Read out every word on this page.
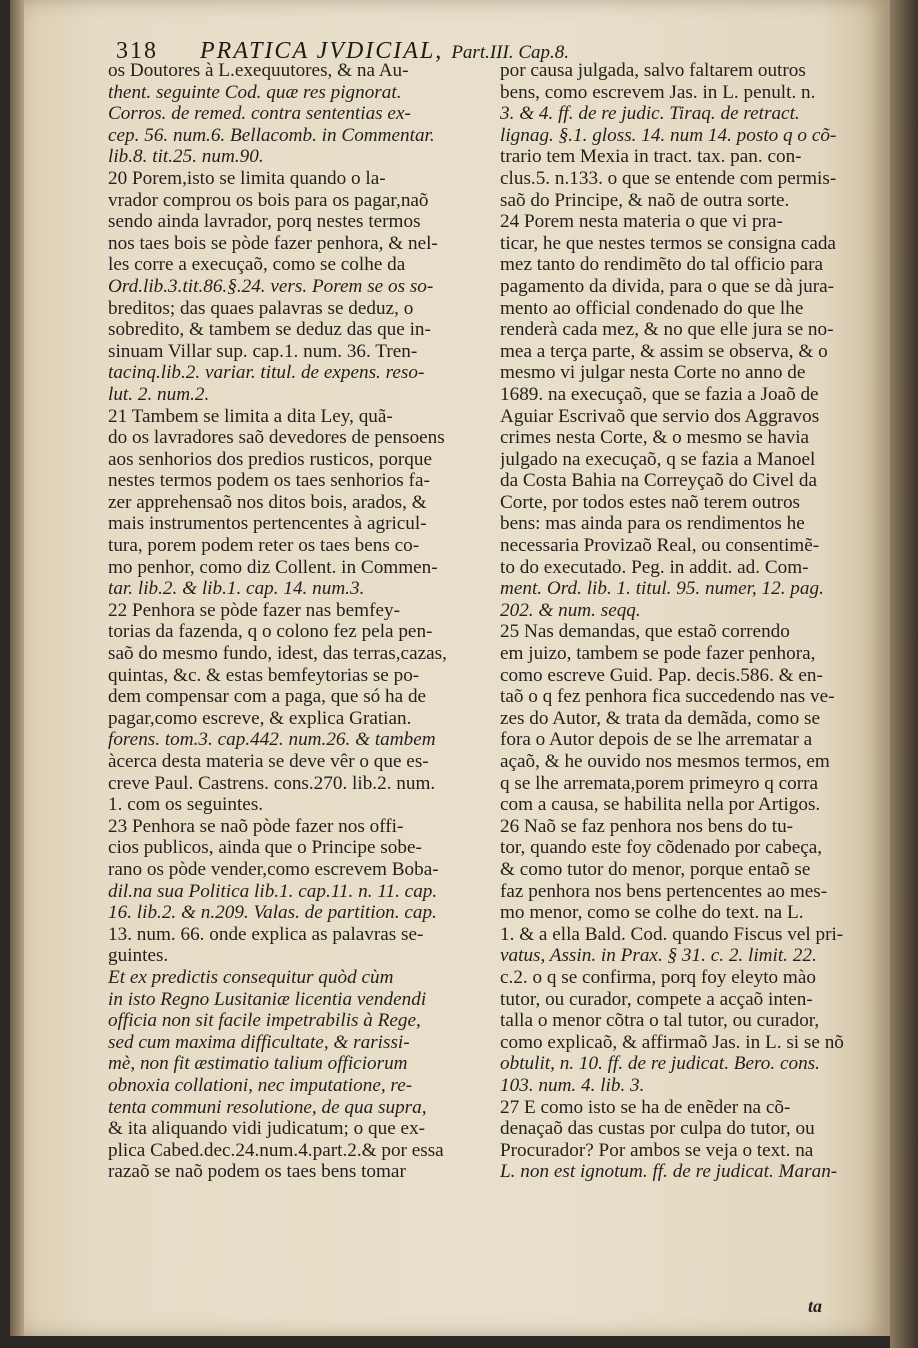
318 PRATICA JVDICIAL, Part.III. Cap.8.
os Doutores à L.exequutores, & na Au-
thent. seguinte Cod. quæ res pignorat.
Corros. de remed. contra sententias ex-
cep. 56. num.6. Bellacomb. in Commentar.
lib.8. tit.25. num.90.
20 Porem,isto se limita quando o la-
vrador comprou os bois para os pagar,naõ
sendo ainda lavrador, porq nestes termos
nos taes bois se pòde fazer penhora, & nel-
les corre a execuçaõ, como se colhe da
Ord.lib.3.tit.86.§.24. vers. Porem se os so-
breditos; das quaes palavras se deduz, o
sobredito, & tambem se deduz das que in-
sinuam Villar sup. cap.1. num. 36. Tren-
tacinq.lib.2. variar. titul. de expens. reso-
lut. 2. num.2.
21 Tambem se limita a dita Ley, quã-
do os lavradores saõ devedores de pensoens
aos senhorios dos predios rusticos, porque
nestes termos podem os taes senhorios fa-
zer apprehensaõ nos ditos bois, arados, &
mais instrumentos pertencentes à agricul-
tura, porem podem reter os taes bens co-
mo penhor, como diz Collent. in Commen-
tar. lib.2. & lib.1. cap. 14. num.3.
22 Penhora se pòde fazer nas bemfey-
torias da fazenda, q o colono fez pela pen-
saõ do mesmo fundo, idest, das terras,cazas,
quintas, &c. & estas bemfeytorias se po-
dem compensar com a paga, que só ha de
pagar,como escreve, & explica Gratian.
forens. tom.3. cap.442. num.26. & tambem
àcerca desta materia se deve vêr o que es-
creve Paul. Castrens. cons.270. lib.2. num.
1. com os seguintes.
23 Penhora se naõ pòde fazer nos offi-
cios publicos, ainda que o Principe sobe-
rano os pòde vender,como escrevem Boba-
dil.na sua Politica lib.1. cap.11. n. 11. cap.
16. lib.2. & n.209. Valas. de partition. cap.
13. num. 66. onde explica as palavras se-
guintes.
Et ex predictis consequitur quòd cùm
in isto Regno Lusitaniæ licentia vendendi
officia non sit facile impetrabilis à Rege,
sed cum maxima difficultate, & rarissi-
mè, non fit æstimatio talium officiorum
obnoxia collationi, nec imputatione, re-
tenta communi resolutione, de qua supra,
& ita aliquando vidi judicatum; o que ex-
plica Cabed.dec.24.num.4.part.2.& por essa
razaõ se naõ podem os taes bens tomar
por causa julgada, salvo faltarem outros
bens, como escrevem Jas. in L. penult. n.
3. & 4. ff. de re judic. Tiraq. de retract.
lignag. §.1. gloss. 14. num 14. posto q o cõ-
trario tem Mexia in tract. tax. pan. con-
clus.5. n.133. o que se entende com permis-
saõ do Principe, & naõ de outra sorte.
24 Porem nesta materia o que vi pra-
ticar, he que nestes termos se consigna cada
mez tanto do rendimẽto do tal officio para
pagamento da divida, para o que se dà jura-
mento ao official condenado do que lhe
renderà cada mez, & no que elle jura se no-
mea a terça parte, & assim se observa, & o
mesmo vi julgar nesta Corte no anno de
1689. na execuçaõ, que se fazia a Joaõ de
Aguiar Escrivaõ que servio dos Aggravos
crimes nesta Corte, & o mesmo se havia
julgado na execuçaõ, q se fazia a Manoel
da Costa Bahia na Correyçaõ do Civel da
Corte, por todos estes naõ terem outros
bens: mas ainda para os rendimentos he
necessaria Provizaõ Real, ou consentimẽ-
to do executado. Peg. in addit. ad. Com-
ment. Ord. lib. 1. titul. 95. numer, 12. pag.
202. & num. seqq.
25 Nas demandas, que estaõ correndo
em juizo, tambem se pode fazer penhora,
como escreve Guid. Pap. decis.586. & en-
taõ o q fez penhora fica succedendo nas ve-
zes do Autor, & trata da demãda, como se
fora o Autor depois de se lhe arrematar a
açaõ, & he ouvido nos mesmos termos, em
q se lhe arremata,porem primeyro q corra
com a causa, se habilita nella por Artigos.
26 Naõ se faz penhora nos bens do tu-
tor, quando este foy cõdenado por cabeça,
& como tutor do menor, porque entaõ se
faz penhora nos bens pertencentes ao mes-
mo menor, como se colhe do text. na L.
1. & a ella Bald. Cod. quando Fiscus vel pri-
vatus, Assin. in Prax. § 31. c. 2. limit. 22.
c.2. o q se confirma, porq foy eleyto mào
tutor, ou curador, compete a acçaõ inten-
talla o menor cõtra o tal tutor, ou curador,
como explicaõ, & affirmaõ Jas. in L. si se nõ
obtulit, n. 10. ff. de re judicat. Bero. cons.
103. num. 4. lib. 3.
27 E como isto se ha de enẽder na cõ-
denaçaõ das custas por culpa do tutor, ou
Procurador? Por ambos se veja o text. na
L. non est ignotum. ff. de re judicat. Maran-
ta
